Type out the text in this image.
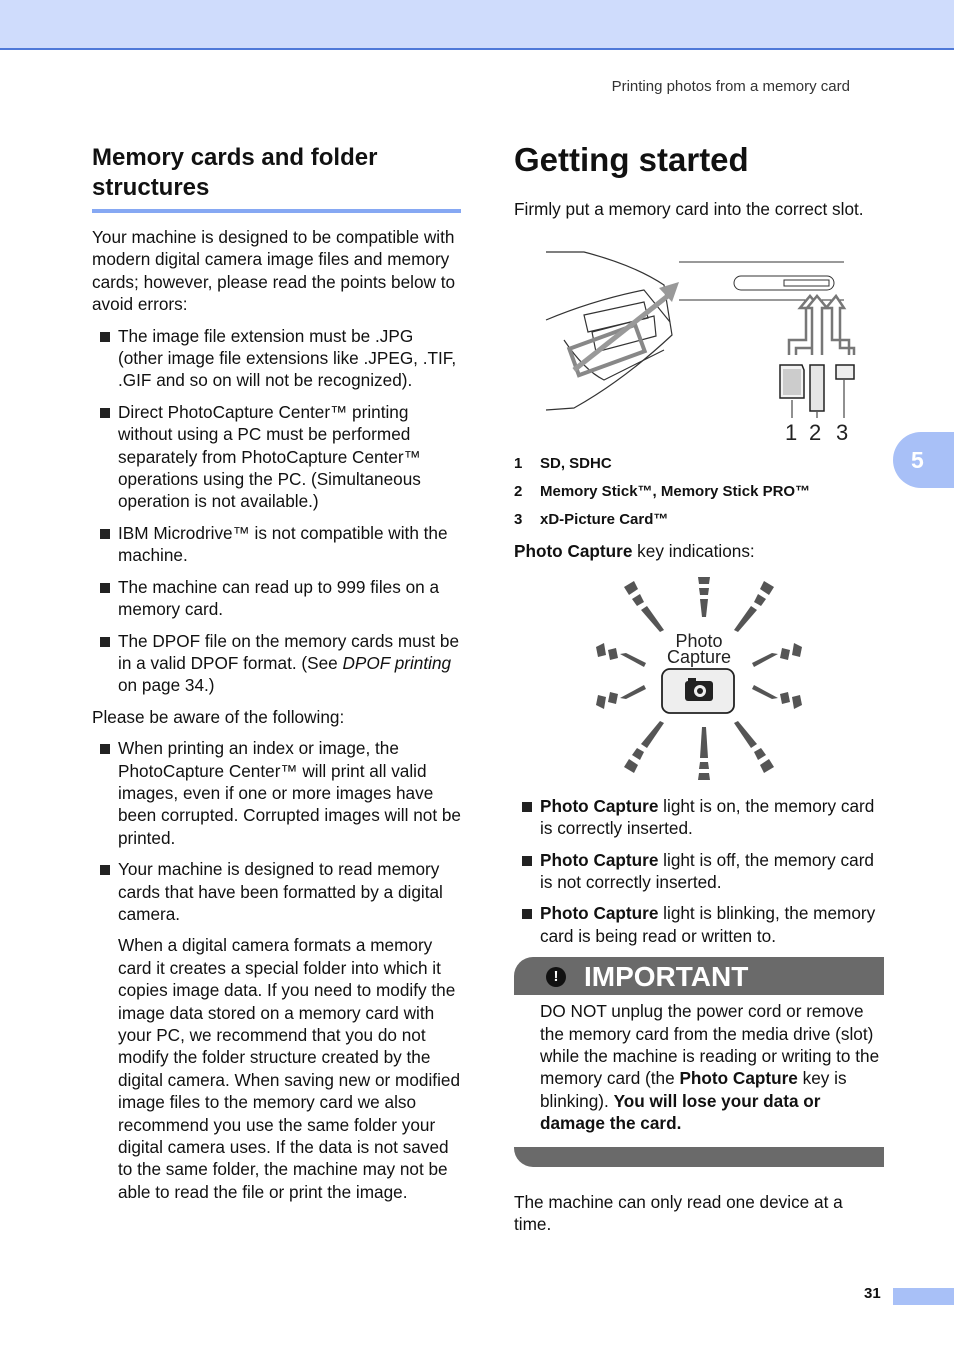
Printing photos from a memory card
5
Memory cards and folder structures

Your machine is designed to be compatible with modern digital camera image files and memory cards; however, please read the points below to avoid errors:

The image file extension must be .JPG (other image file extensions like .JPEG, .TIF, .GIF and so on will not be recognized).
Direct PhotoCapture Center™ printing without using a PC must be performed separately from PhotoCapture Center™ operations using the PC. (Simultaneous operation is not available.)
IBM Microdrive™ is not compatible with the machine.
The machine can read up to 999 files on a memory card.
The DPOF file on the memory cards must be in a valid DPOF format. (See DPOF printing on page 34.)

Please be aware of the following:

When printing an index or image, the PhotoCapture Center™ will print all valid images, even if one or more images have been corrupted. Corrupted images will not be printed.
Your machine is designed to read memory cards that have been formatted by a digital camera.

When a digital camera formats a memory card it creates a special folder into which it copies image data. If you need to modify the image data stored on a memory card with your PC, we recommend that you do not modify the folder structure created by the digital camera. When saving new or modified image files to the memory card we also recommend you use the same folder your digital camera uses. If the data is not saved to the same folder, the machine may not be able to read the file or print the image.

Getting started

Firmly put a memory card into the correct slot.

1 2 3
1 SD, SDHC
2 Memory Stick™, Memory Stick PRO™
3 xD-Picture Card™

Photo Capture key indications:

Photo
Capture
Photo Capture light is on, the memory card is correctly inserted.
Photo Capture light is off, the memory card is not correctly inserted.
Photo Capture light is blinking, the memory card is being read or written to.
! IMPORTANT
DO NOT unplug the power cord or remove the memory card from the media drive (slot) while the machine is reading or writing to the memory card (the Photo Capture key is blinking). You will lose your data or damage the card.

The machine can only read one device at a time.

31
